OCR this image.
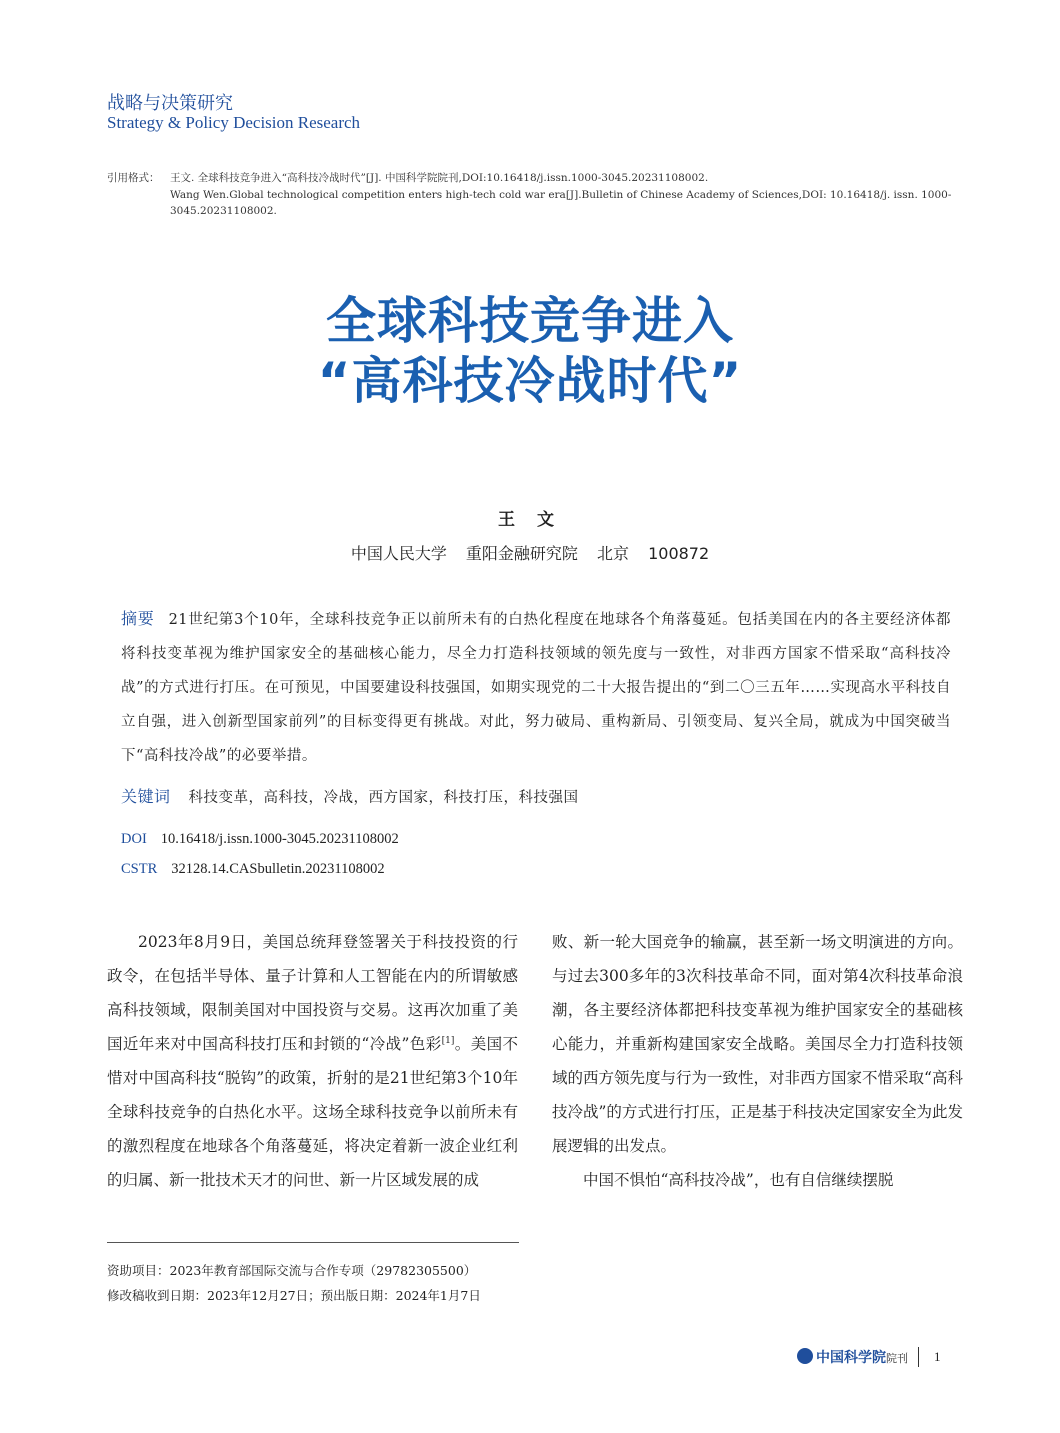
战略与决策研究
Strategy & Policy Decision Research
引用格式： 王文. 全球科技竞争进入“高科技冷战时代”[J]. 中国科学院院刊,DOI:10.16418/j.issn.1000-3045.20231108002.
Wang Wen.Global technological competition enters high-tech cold war era[J].Bulletin of Chinese Academy of Sciences,DOI: 10.16418/j. issn. 1000-3045.20231108002.
全球科技竞争进入
“高科技冷战时代”
王 文
中国人民大学 重阳金融研究院 北京 100872
摘要 21世纪第3个10年，全球科技竞争正以前所未有的白热化程度在地球各个角落蔓延。包括美国在内的各主要经济体都将科技变革视为维护国家安全的基础核心能力，尽全力打造科技领域的领先度与一致性，对非西方国家不惜采取“高科技冷战”的方式进行打压。在可预见，中国要建设科技强国，如期实现党的二十大报告提出的“到二〇三五年……实现高水平科技自立自强，进入创新型国家前列”的目标变得更有挑战。对此，努力破局、重构新局、引领变局、复兴全局，就成为中国突破当下“高科技冷战”的必要举措。
关键词 科技变革，高科技，冷战，西方国家，科技打压，科技强国
DOI 10.16418/j.issn.1000-3045.20231108002
CSTR 32128.14.CASbulletin.20231108002

2023年8月9日，美国总统拜登签署关于科技投资的行政令，在包括半导体、量子计算和人工智能在内的所谓敏感高科技领域，限制美国对中国投资与交易。这再次加重了美国近年来对中国高科技打压和封锁的“冷战”色彩[1]。美国不惜对中国高科技“脱钩”的政策，折射的是21世纪第3个10年全球科技竞争的白热化水平。这场全球科技竞争以前所未有的激烈程度在地球各个角落蔓延，将决定着新一波企业红利的归属、新一批技术天才的问世、新一片区域发展的成

败、新一轮大国竞争的输赢，甚至新一场文明演进的方向。与过去300多年的3次科技革命不同，面对第4次科技革命浪潮，各主要经济体都把科技变革视为维护国家安全的基础核心能力，并重新构建国家安全战略。美国尽全力打造科技领域的西方领先度与行为一致性，对非西方国家不惜采取“高科技冷战”的方式进行打压，正是基于科技决定国家安全为此发展逻辑的出发点。

中国不惧怕“高科技冷战”，也有自信继续摆脱

资助项目：2023年教育部国际交流与合作专项（29782305500）
修改稿收到日期：2023年12月27日；预出版日期：2024年1月7日
中国科学院院刊 1
